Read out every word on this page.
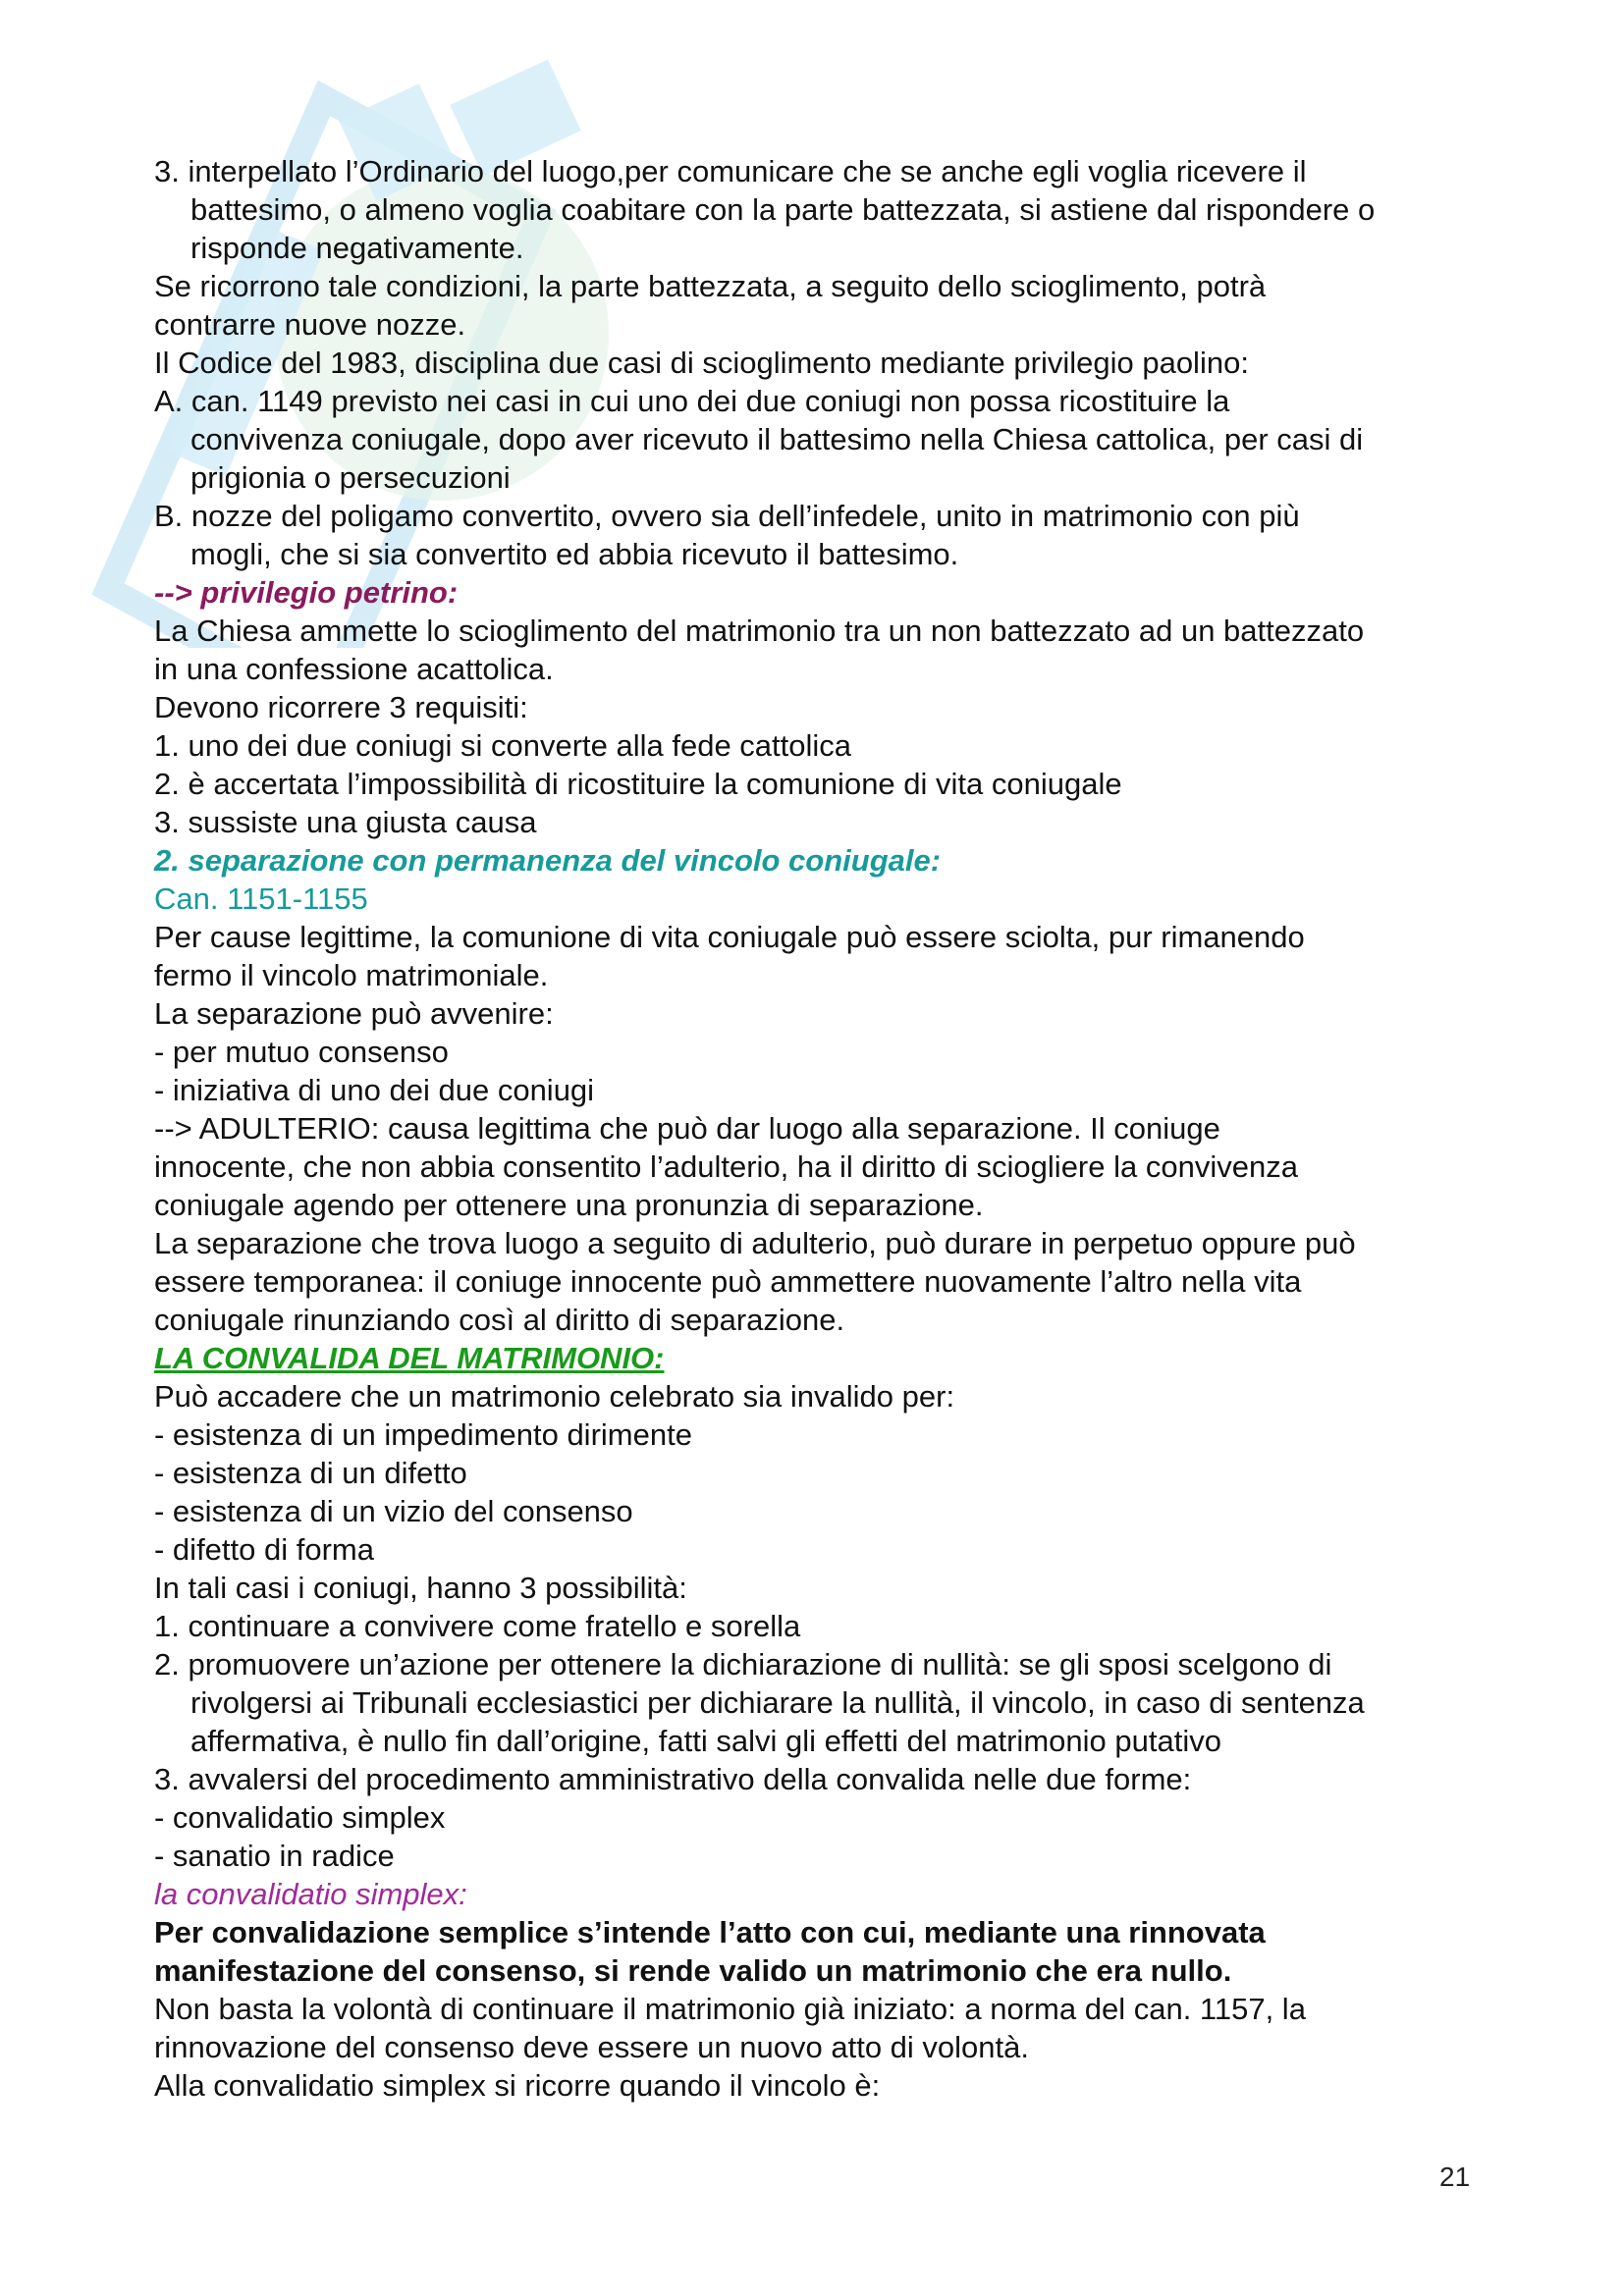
3. interpellato l’Ordinario del luogo,per comunicare che se anche egli voglia ricevere il

battesimo, o almeno voglia coabitare con la parte battezzata, si astiene dal rispondere o

risponde negativamente.

Se ricorrono tale condizioni, la parte battezzata, a seguito dello scioglimento, potrà

contrarre nuove nozze.

Il Codice del 1983, disciplina due casi di scioglimento mediante privilegio paolino:

A. can. 1149 previsto nei casi in cui uno dei due coniugi non possa ricostituire la

convivenza coniugale, dopo aver ricevuto il battesimo nella Chiesa cattolica, per casi di

prigionia o persecuzioni

B. nozze del poligamo convertito, ovvero sia dell’infedele, unito in matrimonio con più

mogli, che si sia convertito ed abbia ricevuto il battesimo.

--> privilegio petrino:

La Chiesa ammette lo scioglimento del matrimonio tra un non battezzato ad un battezzato

in una confessione acattolica.

Devono ricorrere 3 requisiti:

1. uno dei due coniugi si converte alla fede cattolica

2. è accertata l’impossibilità di ricostituire la comunione di vita coniugale

3. sussiste una giusta causa

2. separazione con permanenza del vincolo coniugale:

Can. 1151-1155

Per cause legittime, la comunione di vita coniugale può essere sciolta, pur rimanendo

fermo il vincolo matrimoniale.

La separazione può avvenire:

- per mutuo consenso

- iniziativa di uno dei due coniugi

--> ADULTERIO: causa legittima che può dar luogo alla separazione. Il coniuge

innocente, che non abbia consentito l’adulterio, ha il diritto di sciogliere la convivenza

coniugale agendo per ottenere una pronunzia di separazione.

La separazione che trova luogo a seguito di adulterio, può durare in perpetuo oppure può

essere temporanea: il coniuge innocente può ammettere nuovamente l’altro nella vita

coniugale rinunziando così al diritto di separazione.

LA CONVALIDA DEL MATRIMONIO:

Può accadere che un matrimonio celebrato sia invalido per:

- esistenza di un impedimento dirimente

- esistenza di un difetto

- esistenza di un vizio del consenso

- difetto di forma

In tali casi i coniugi, hanno 3 possibilità:

1. continuare a convivere come fratello e sorella

2. promuovere un’azione per ottenere la dichiarazione di nullità: se gli sposi scelgono di

rivolgersi ai Tribunali ecclesiastici per dichiarare la nullità, il vincolo, in caso di sentenza

affermativa, è nullo fin dall’origine, fatti salvi gli effetti del matrimonio putativo

3. avvalersi del procedimento amministrativo della convalida nelle due forme:

- convalidatio simplex

- sanatio in radice

la convalidatio simplex:

Per convalidazione semplice s’intende l’atto con cui, mediante una rinnovata

manifestazione del consenso, si rende valido un matrimonio che era nullo.

Non basta la volontà di continuare il matrimonio già iniziato: a norma del can. 1157, la

rinnovazione del consenso deve essere un nuovo atto di volontà.

Alla convalidatio simplex si ricorre quando il vincolo è:

21
